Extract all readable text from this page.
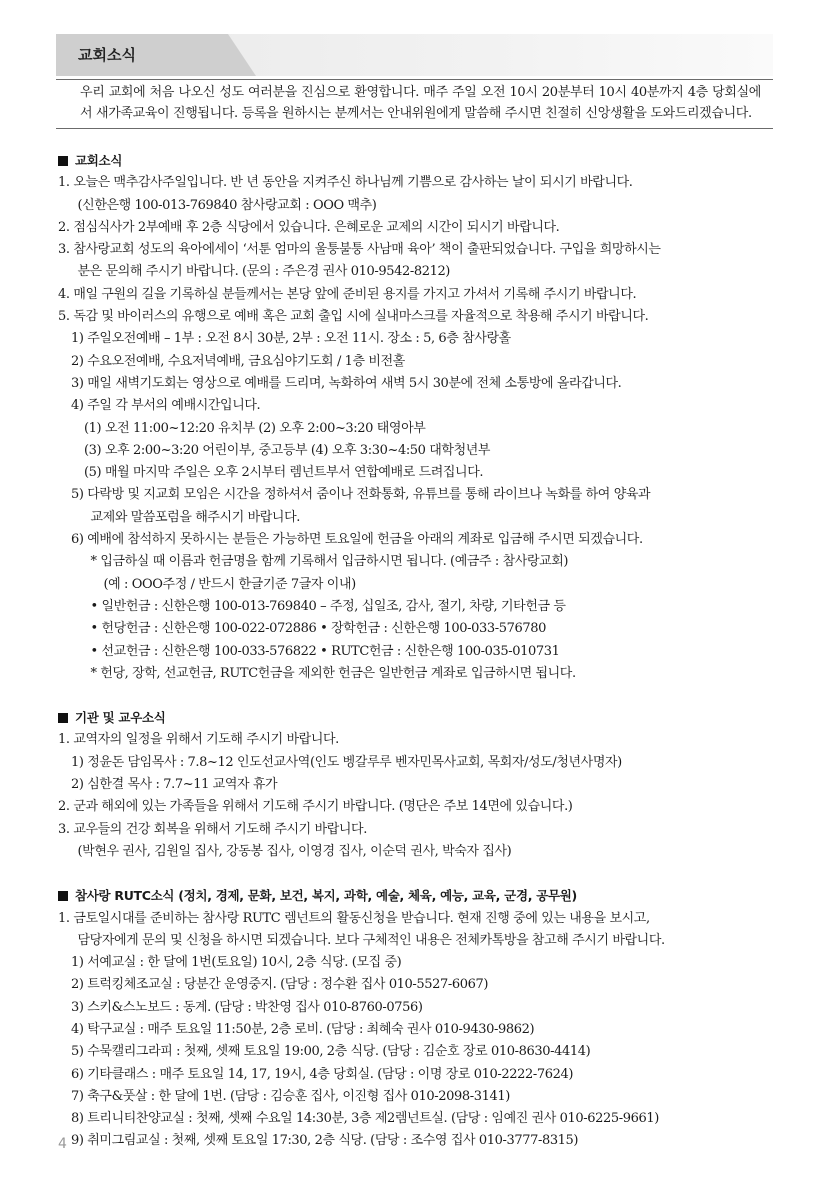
교회소식
우리 교회에 처음 나오신 성도 여러분을 진심으로 환영합니다. 매주 주일 오전 10시 20분부터 10시 40분까지 4층 당회실에서 새가족교육이 진행됩니다. 등록을 원하시는 분께서는 안내위원에게 말씀해 주시면 친절히 신앙생활을 도와드리겠습니다.
교회소식
1. 오늘은 맥추감사주일입니다. 반 년 동안을 지켜주신 하나님께 기쁨으로 감사하는 날이 되시기 바랍니다.
(신한은행 100-013-769840 참사랑교회 : OOO 맥추)
2. 점심식사가 2부예배 후 2층 식당에서 있습니다. 은혜로운 교제의 시간이 되시기 바랍니다.
3. 참사랑교회 성도의 육아에세이 ‘서툰 엄마의 울퉁불퉁 사남매 육아’ 책이 출판되었습니다. 구입을 희망하시는
분은 문의해 주시기 바랍니다. (문의 : 주은경 권사 010-9542-8212)
4. 매일 구원의 길을 기록하실 분들께서는 본당 앞에 준비된 용지를 가지고 가셔서 기록해 주시기 바랍니다.
5. 독감 및 바이러스의 유행으로 예배 혹은 교회 출입 시에 실내마스크를 자율적으로 착용해 주시기 바랍니다.
1) 주일오전예배 – 1부 : 오전 8시 30분, 2부 : 오전 11시. 장소 : 5, 6층 참사랑홀
2) 수요오전예배, 수요저녁예배, 금요심야기도회 / 1층 비전홀
3) 매일 새벽기도회는 영상으로 예배를 드리며, 녹화하여 새벽 5시 30분에 전체 소통방에 올라갑니다.
4) 주일 각 부서의 예배시간입니다.
(1) 오전 11:00~12:20 유치부 (2) 오후 2:00~3:20 태영아부
(3) 오후 2:00~3:20 어린이부, 중고등부 (4) 오후 3:30~4:50 대학청년부
(5) 매월 마지막 주일은 오후 2시부터 렘넌트부서 연합예배로 드려집니다.
5) 다락방 및 지교회 모임은 시간을 정하셔서 줌이나 전화통화, 유튜브를 통해 라이브나 녹화를 하여 양육과
교제와 말씀포럼을 해주시기 바랍니다.
6) 예배에 참석하지 못하시는 분들은 가능하면 토요일에 헌금을 아래의 계좌로 입금해 주시면 되겠습니다.
* 입금하실 때 이름과 헌금명을 함께 기록해서 입금하시면 됩니다. (예금주 : 참사랑교회)
(예 : OOO주정 / 반드시 한글기준 7글자 이내)
• 일반헌금 : 신한은행 100-013-769840 – 주정, 십일조, 감사, 절기, 차량, 기타헌금 등
• 헌당헌금 : 신한은행 100-022-072886 • 장학헌금 : 신한은행 100-033-576780
• 선교헌금 : 신한은행 100-033-576822 • RUTC헌금 : 신한은행 100-035-010731
* 헌당, 장학, 선교헌금, RUTC헌금을 제외한 헌금은 일반헌금 계좌로 입금하시면 됩니다.
기관 및 교우소식
1. 교역자의 일정을 위해서 기도해 주시기 바랍니다.
1) 정윤돈 담임목사 : 7.8~12 인도선교사역(인도 벵갈루루 벤자민목사교회, 목회자/성도/청년사명자)
2) 심한결 목사 : 7.7~11 교역자 휴가
2. 군과 해외에 있는 가족들을 위해서 기도해 주시기 바랍니다. (명단은 주보 14면에 있습니다.)
3. 교우들의 건강 회복을 위해서 기도해 주시기 바랍니다.
(박현우 권사, 김원일 집사, 강동봉 집사, 이영경 집사, 이순덕 권사, 박숙자 집사)
참사랑 RUTC소식 (정치, 경제, 문화, 보건, 복지, 과학, 예술, 체육, 예능, 교육, 군경, 공무원)
1. 금토일시대를 준비하는 참사랑 RUTC 렘넌트의 활동신청을 받습니다. 현재 진행 중에 있는 내용을 보시고,
담당자에게 문의 및 신청을 하시면 되겠습니다. 보다 구체적인 내용은 전체카톡방을 참고해 주시기 바랍니다.
1) 서예교실 : 한 달에 1번(토요일) 10시, 2층 식당. (모집 중)
2) 트럭킹체조교실 : 당분간 운영중지. (담당 : 정수환 집사 010-5527-6067)
3) 스키&스노보드 : 동계. (담당 : 박찬영 집사 010-8760-0756)
4) 탁구교실 : 매주 토요일 11:50분, 2층 로비. (담당 : 최혜숙 권사 010-9430-9862)
5) 수묵캘리그라피 : 첫째, 셋째 토요일 19:00, 2층 식당. (담당 : 김순호 장로 010-8630-4414)
6) 기타클래스 : 매주 토요일 14, 17, 19시, 4층 당회실. (담당 : 이명 장로 010-2222-7624)
7) 축구&풋살 : 한 달에 1번. (담당 : 김승훈 집사, 이진형 집사 010-2098-3141)
8) 트리니티찬양교실 : 첫째, 셋째 수요일 14:30분, 3층 제2렘넌트실. (담당 : 임예진 권사 010-6225-9661)
9) 취미그림교실 : 첫째, 셋째 토요일 17:30, 2층 식당. (담당 : 조수영 집사 010-3777-8315)
4
